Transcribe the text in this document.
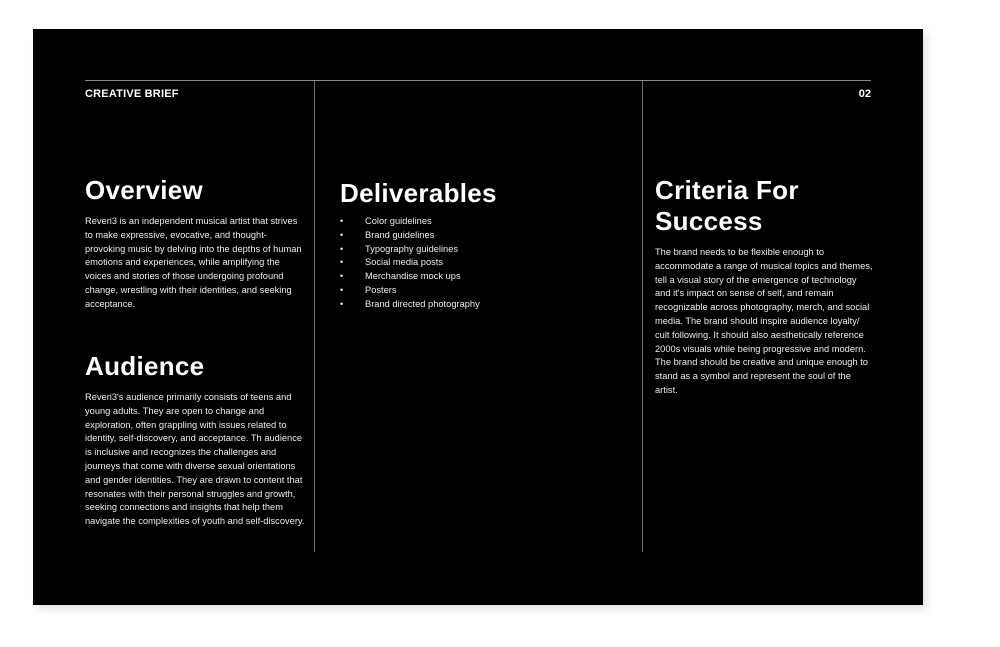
CREATIVE BRIEF	02
Overview

Reveri3 is an independent musical artist that strives to make expressive, evocative, and thought-provoking music by delving into the depths of human emotions and experiences, while amplifying the voices and stories of those undergoing profound change, wrestling with their identities, and seeking acceptance.

Audience

Reveri3's audience primarily consists of teens and young adults. They are open to change and exploration, often grappling with issues related to identity, self-discovery, and acceptance. Th audience is inclusive and recognizes the challenges and journeys that come with diverse sexual orientations and gender identities. They are drawn to content that resonates with their personal struggles and growth, seeking connections and insights that help them navigate the complexities of youth and self-discovery.

Deliverables
• Color guidelines
• Brand guidelines
• Typography guidelines
• Social media posts
• Merchandise mock ups
• Posters
• Brand directed photography
Criteria For Success

The brand needs to be flexible enough to accommodate a range of musical topics and themes, tell a visual story of the emergence of technology and it's impact on sense of self, and remain recognizable across photography, merch, and social media. The brand should inspire audience loyalty/ cult following. It should also aesthetically reference 2000s visuals while being progressive and modern. The brand should be creative and unique enough to stand as a symbol and represent the soul of the artist.
